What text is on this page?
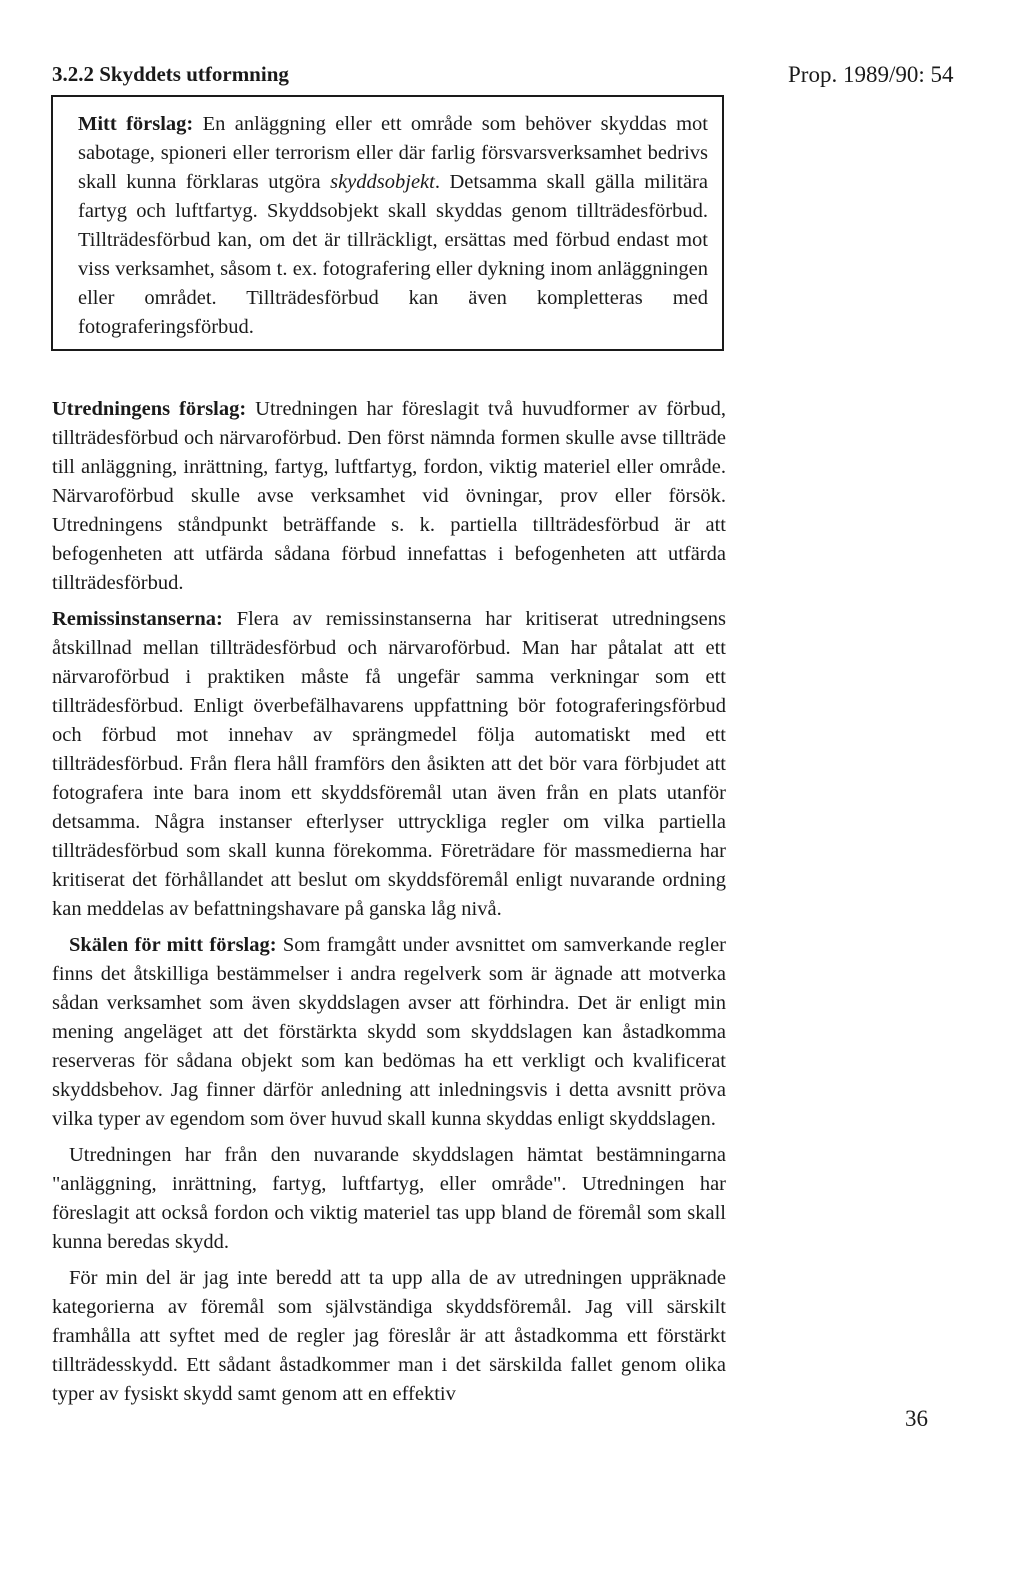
3.2.2 Skyddets utformning	Prop. 1989/90: 54
Mitt förslag: En anläggning eller ett område som behöver skyddas mot sabotage, spioneri eller terrorism eller där farlig försvarsverksamhet bedrivs skall kunna förklaras utgöra skyddsobjekt. Detsamma skall gälla militära fartyg och luftfartyg. Skyddsobjekt skall skyddas genom tillträdesförbud. Tillträdesförbud kan, om det är tillräckligt, ersättas med förbud endast mot viss verksamhet, såsom t. ex. fotografering eller dykning inom anläggningen eller området. Tillträdesförbud kan även kompletteras med fotograferingsförbud.

Utredningens förslag: Utredningen har föreslagit två huvudformer av förbud, tillträdesförbud och närvaroförbud. Den först nämnda formen skulle avse tillträde till anläggning, inrättning, fartyg, luftfartyg, fordon, viktig materiel eller område. Närvaroförbud skulle avse verksamhet vid övningar, prov eller försök. Utredningens ståndpunkt beträffande s. k. partiella tillträdesförbud är att befogenheten att utfärda sådana förbud innefattas i befogenheten att utfärda tillträdesförbud.

Remissinstanserna: Flera av remissinstanserna har kritiserat utredningsens åtskillnad mellan tillträdesförbud och närvaroförbud. Man har påtalat att ett närvaroförbud i praktiken måste få ungefär samma verkningar som ett tillträdesförbud. Enligt överbefälhavarens uppfattning bör fotograferingsförbud och förbud mot innehav av sprängmedel följa automatiskt med ett tillträdesförbud. Från flera håll framförs den åsikten att det bör vara förbjudet att fotografera inte bara inom ett skyddsföremål utan även från en plats utanför detsamma. Några instanser efterlyser uttryckliga regler om vilka partiella tillträdesförbud som skall kunna förekomma. Företrädare för massmedierna har kritiserat det förhållandet att beslut om skyddsföremål enligt nuvarande ordning kan meddelas av befattningshavare på ganska låg nivå.

Skälen för mitt förslag: Som framgått under avsnittet om samverkande regler finns det åtskilliga bestämmelser i andra regelverk som är ägnade att motverka sådan verksamhet som även skyddslagen avser att förhindra. Det är enligt min mening angeläget att det förstärkta skydd som skyddslagen kan åstadkomma reserveras för sådana objekt som kan bedömas ha ett verkligt och kvalificerat skyddsbehov. Jag finner därför anledning att inledningsvis i detta avsnitt pröva vilka typer av egendom som över huvud skall kunna skyddas enligt skyddslagen.

Utredningen har från den nuvarande skyddslagen hämtat bestämningarna "anläggning, inrättning, fartyg, luftfartyg, eller område". Utredningen har föreslagit att också fordon och viktig materiel tas upp bland de föremål som skall kunna beredas skydd.

För min del är jag inte beredd att ta upp alla de av utredningen uppräknade kategorierna av föremål som självständiga skyddsföremål. Jag vill särskilt framhålla att syftet med de regler jag föreslår är att åstadkomma ett förstärkt tillträdesskydd. Ett sådant åstadkommer man i det särskilda fallet genom olika typer av fysiskt skydd samt genom att en effektiv

36
